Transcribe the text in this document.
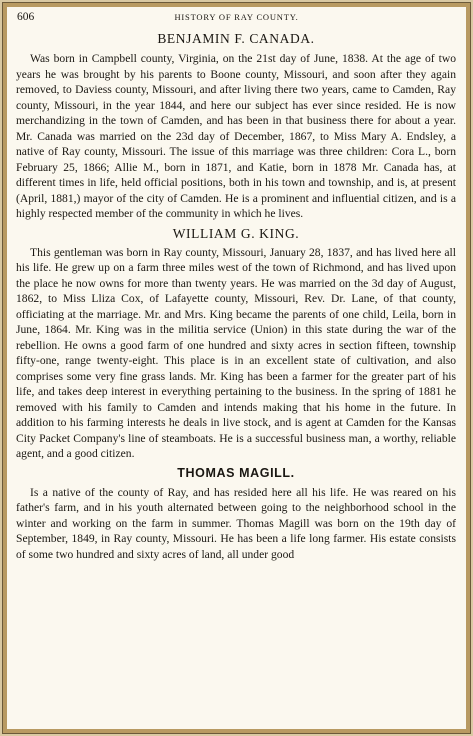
606	HISTORY OF RAY COUNTY.
BENJAMIN F. CANADA.

Was born in Campbell county, Virginia, on the 21st day of June, 1838. At the age of two years he was brought by his parents to Boone county, Missouri, and soon after they again removed, to Daviess county, Missouri, and after living there two years, came to Camden, Ray county, Missouri, in the year 1844, and here our subject has ever since resided. He is now merchandizing in the town of Camden, and has been in that business there for about a year. Mr. Canada was married on the 23d day of December, 1867, to Miss Mary A. Endsley, a native of Ray county, Missouri. The issue of this marriage was three children: Cora L., born February 25, 1866; Allie M., born in 1871, and Katie, born in 1878 Mr. Canada has, at different times in life, held official positions, both in his town and township, and is, at present (April, 1881,) mayor of the city of Camden. He is a prominent and influential citizen, and is a highly respected member of the community in which he lives.

WILLIAM G. KING.

This gentleman was born in Ray county, Missouri, January 28, 1837, and has lived here all his life. He grew up on a farm three miles west of the town of Richmond, and has lived upon the place he now owns for more than twenty years. He was married on the 3d day of August, 1862, to Miss Lliza Cox, of Lafayette county, Missouri, Rev. Dr. Lane, of that county, officiating at the marriage. Mr. and Mrs. King became the parents of one child, Leila, born in June, 1864. Mr. King was in the militia service (Union) in this state during the war of the rebellion. He owns a good farm of one hundred and sixty acres in section fifteen, township fifty-one, range twenty-eight. This place is in an excellent state of cultivation, and also comprises some very fine grass lands. Mr. King has been a farmer for the greater part of his life, and takes deep interest in everything pertaining to the business. In the spring of 1881 he removed with his family to Camden and intends making that his home in the future. In addition to his farming interests he deals in live stock, and is agent at Camden for the Kansas City Packet Company's line of steamboats. He is a successful business man, a worthy, reliable agent, and a good citizen.

THOMAS MAGILL.

Is a native of the county of Ray, and has resided here all his life. He was reared on his father's farm, and in his youth alternated between going to the neighborhood school in the winter and working on the farm in summer. Thomas Magill was born on the 19th day of September, 1849, in Ray county, Missouri. He has been a life long farmer. His estate consists of some two hundred and sixty acres of land, all under good
